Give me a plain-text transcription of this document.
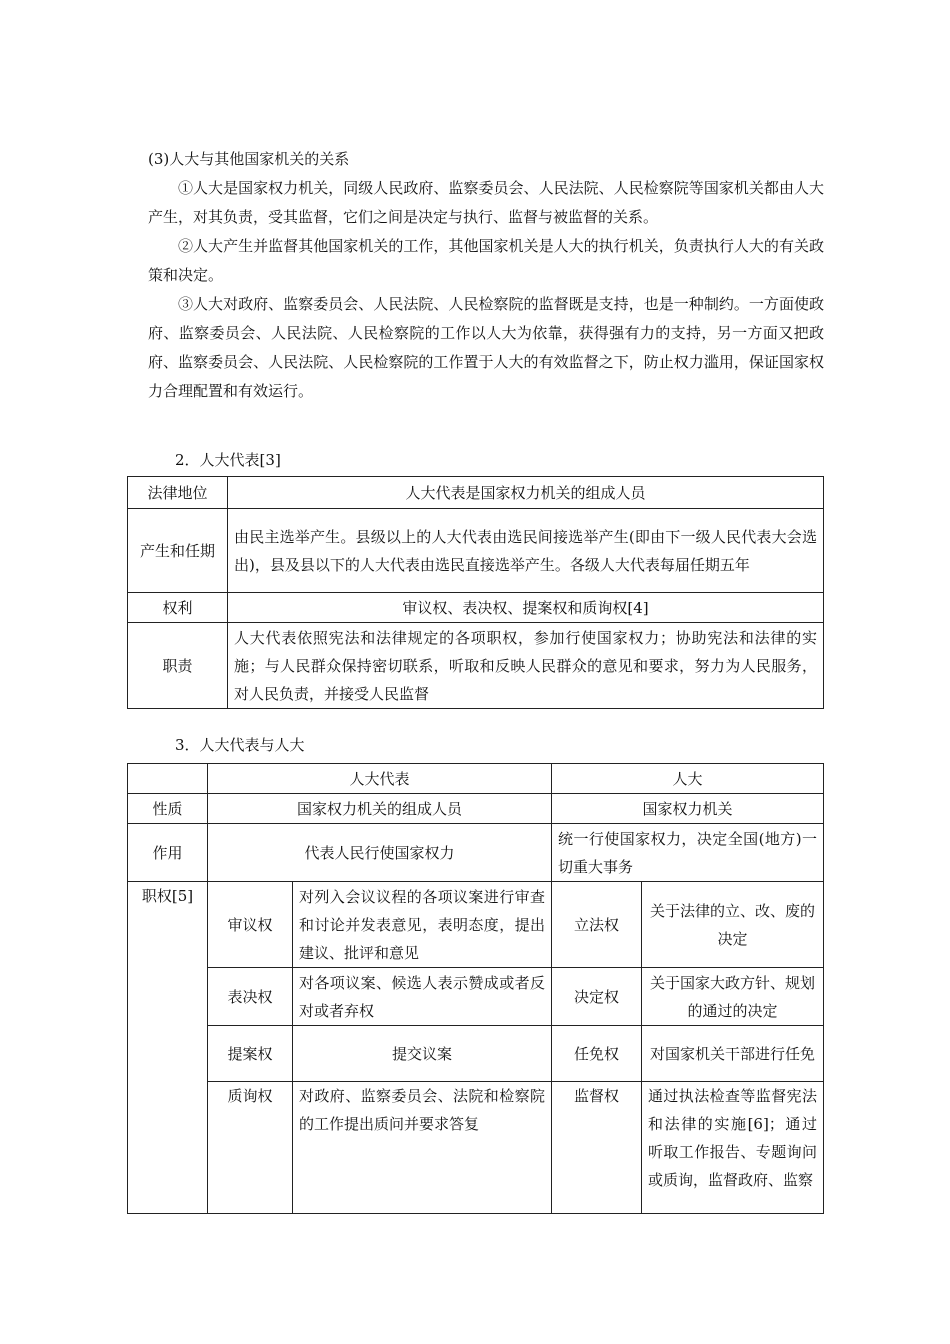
(3)人大与其他国家机关的关系

①人大是国家权力机关，同级人民政府、监察委员会、人民法院、人民检察院等国家机关都由人大产生，对其负责，受其监督，它们之间是决定与执行、监督与被监督的关系。

②人大产生并监督其他国家机关的工作，其他国家机关是人大的执行机关，负责执行人大的有关政策和决定。

③人大对政府、监察委员会、人民法院、人民检察院的监督既是支持，也是一种制约。一方面使政府、监察委员会、人民法院、人民检察院的工作以人大为依靠，获得强有力的支持，另一方面又把政府、监察委员会、人民法院、人民检察院的工作置于人大的有效监督之下，防止权力滥用，保证国家权力合理配置和有效运行。

2．人大代表[3]

法律地位	人大代表是国家权力机关的组成人员
产生和任期	由民主选举产生。县级以上的人大代表由选民间接选举产生(即由下一级人民代表大会选出)，县及县以下的人大代表由选民直接选举产生。各级人大代表每届任期五年
权利	审议权、表决权、提案权和质询权[4]
职责	人大代表依照宪法和法律规定的各项职权，参加行使国家权力；协助宪法和法律的实施；与人民群众保持密切联系，听取和反映人民群众的意见和要求，努力为人民服务，对人民负责，并接受人民监督

3．人大代表与人大

	人大代表		人大	
性质	国家权力机关的组成人员		国家权力机关	
作用	代表人民行使国家权力		统一行使国家权力，决定全国(地方)一切重大事务	
职权[5]	审议权	对列入会议议程的各项议案进行审查和讨论并发表意见，表明态度，提出建议、批评和意见	立法权	关于法律的立、改、废的决定
	表决权	对各项议案、候选人表示赞成或者反对或者弃权	决定权	关于国家大政方针、规划的通过的决定
	提案权	提交议案	任免权	对国家机关干部进行任免
	质询权	对政府、监察委员会、法院和检察院的工作提出质问并要求答复	监督权	通过执法检查等监督宪法和法律的实施[6]；通过听取工作报告、专题询问或质询，监督政府、监察
